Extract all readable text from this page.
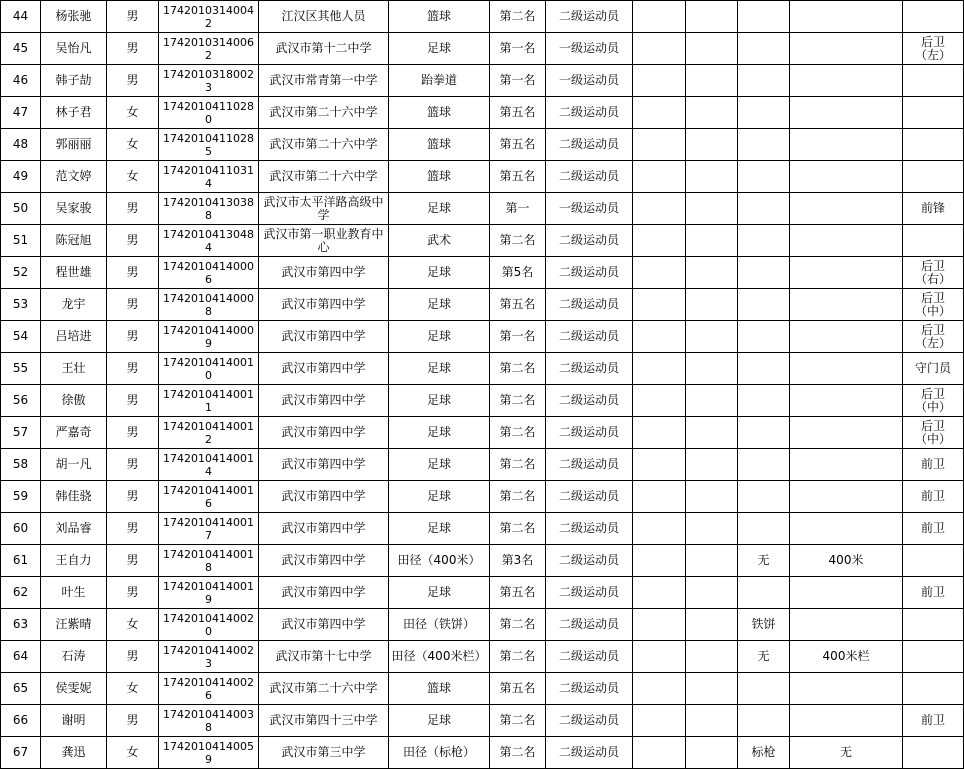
44	杨张驰	男	17420103140042	江汉区其他人员	篮球	第二名	二级运动员					
45	吴怡凡	男	17420103140062	武汉市第十二中学	足球	第一名	一级运动员					后卫
（左）
46	韩子劼	男	17420103180023	武汉市常青第一中学	跆拳道	第一名	一级运动员					
47	林子君	女	17420104110280	武汉市第二十六中学	篮球	第五名	二级运动员					
48	郭丽丽	女	17420104110285	武汉市第二十六中学	篮球	第五名	二级运动员					
49	范文婷	女	17420104110314	武汉市第二十六中学	篮球	第五名	二级运动员					
50	吴家骏	男	17420104130388	武汉市太平洋路高级中学	足球	第一	一级运动员					前锋
51	陈冠旭	男	17420104130484	武汉市第一职业教育中心	武术	第二名	二级运动员					
52	程世雄	男	17420104140006	武汉市第四中学	足球	第5名	二级运动员					后卫
（右）
53	龙宇	男	17420104140008	武汉市第四中学	足球	第五名	二级运动员					后卫
（中）
54	吕培进	男	17420104140009	武汉市第四中学	足球	第一名	二级运动员					后卫
（左）
55	王壮	男	17420104140010	武汉市第四中学	足球	第二名	二级运动员					守门员
56	徐傲	男	17420104140011	武汉市第四中学	足球	第二名	二级运动员					后卫
（中）
57	严嘉奇	男	17420104140012	武汉市第四中学	足球	第二名	二级运动员					后卫
（中）
58	胡一凡	男	17420104140014	武汉市第四中学	足球	第二名	二级运动员					前卫
59	韩佳骁	男	17420104140016	武汉市第四中学	足球	第二名	二级运动员					前卫
60	刘品睿	男	17420104140017	武汉市第四中学	足球	第二名	二级运动员					前卫
61	王自力	男	17420104140018	武汉市第四中学	田径（400米）	第3名	二级运动员			无	400米	
62	叶生	男	17420104140019	武汉市第四中学	足球	第五名	二级运动员					前卫
63	汪紫晴	女	17420104140020	武汉市第四中学	田径（铁饼）	第二名	二级运动员			铁饼		
64	石涛	男	17420104140023	武汉市第十七中学	田径（400米栏）	第二名	二级运动员			无	400米栏	
65	侯雯妮	女	17420104140026	武汉市第二十六中学	篮球	第五名	二级运动员					
66	谢明	男	17420104140038	武汉市第四十三中学	足球	第二名	二级运动员					前卫
67	龚迅	女	17420104140059	武汉市第三中学	田径（标枪）	第二名	二级运动员			标枪	无	
